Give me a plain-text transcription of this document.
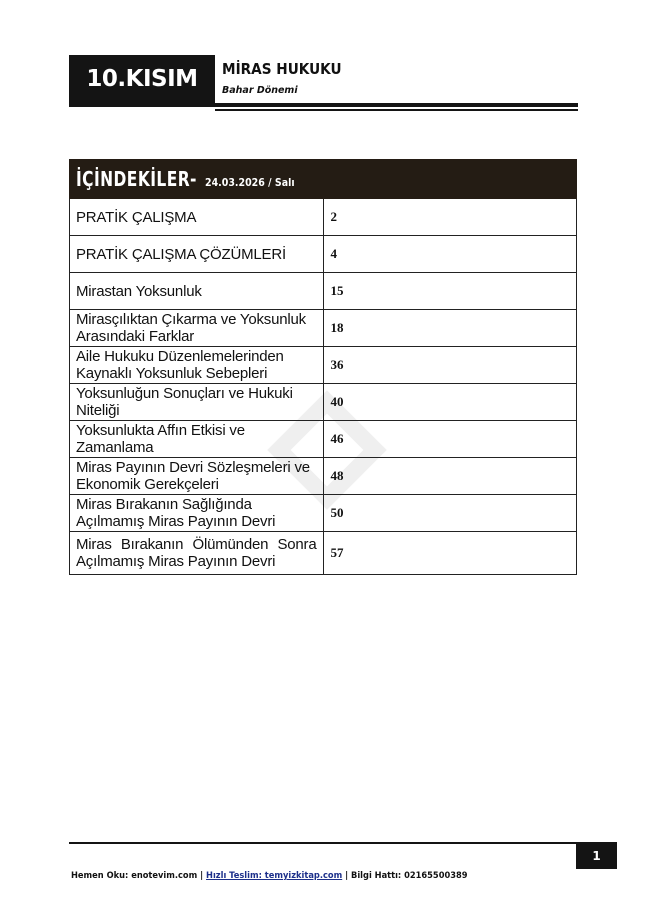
10.KISIM MİRAS HUKUKU
Bahar Dönemi
İÇİNDEKİLER- 24.03.2026 / Salı	
PRATİK ÇALIŞMA	2
PRATİK ÇALIŞMA ÇÖZÜMLERİ	4
Mirastan Yoksunluk	15
Mirasçılıktan Çıkarma ve Yoksunluk Arasındaki Farklar	18
Aile Hukuku Düzenlemelerinden Kaynaklı Yoksunluk Sebepleri	36
Yoksunluğun Sonuçları ve Hukuki Niteliği	40
Yoksunlukta Affın Etkisi ve Zamanlama	46
Miras Payının Devri Sözleşmeleri ve Ekonomik Gerekçeleri	48
Miras Bırakanın Sağlığında Açılmamış Miras Payının Devri	50

Miras Bırakanın Ölümünden Sonra Açılmamış Miras Payının Devri	57
1
Hemen Oku: enotevim.com | Hızlı Teslim: temyizkitap.com | Bilgi Hattı: 02165500389
